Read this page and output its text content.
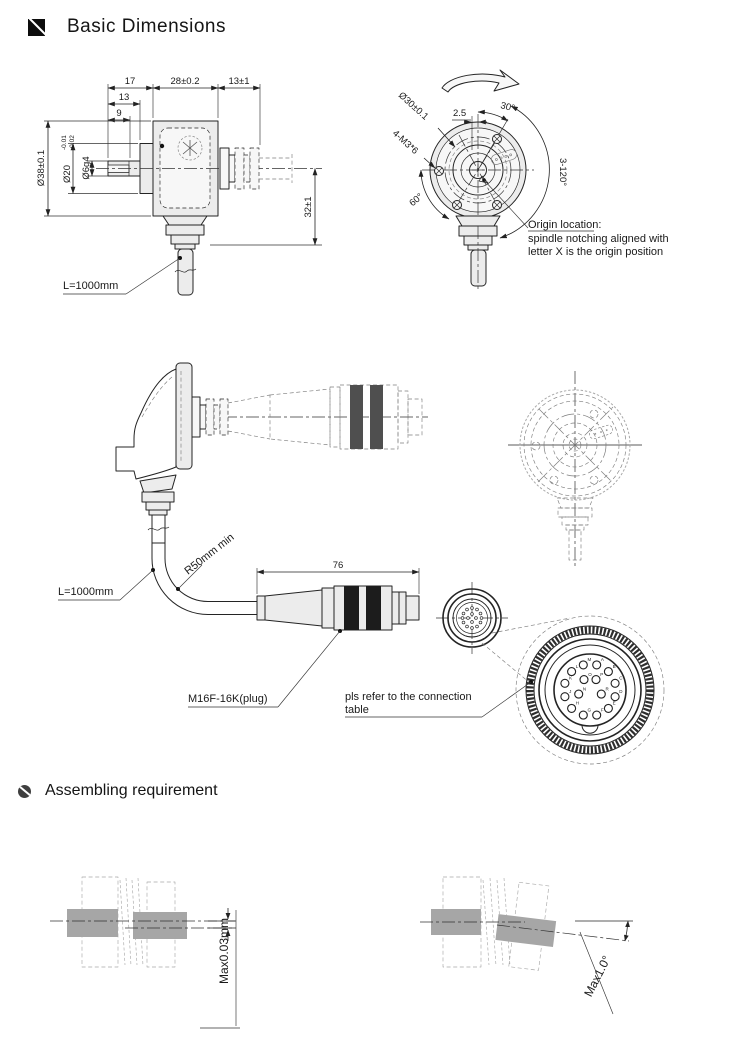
Basic Dimensions
17	28±0.2	13±1
13
9
Ø38±0.1 Ø20
-0.01 -0.02
Ø6g4
32±1
L=1000mm
2.5	30°
Ø30±0.1
4-M3*6
3-120°
60°
Origin location:
spindle notching aligned with
letter X is the origin position
76
R50mm min
L=1000mm
M16F-16K(plug)
A
B
C
D
E
F
G
H
J
K
L
M
N
O P
R
pls refer to the connection
table
Assembling requirement
Max0.03mm	Max1.0°
